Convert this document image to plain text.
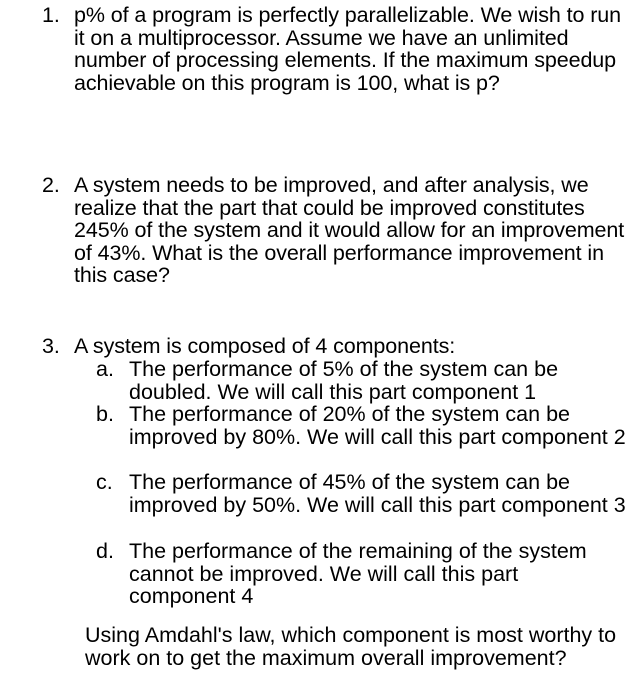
1. p% of a program is perfectly parallelizable. We wish to run it on a multiprocessor. Assume we have an unlimited number of processing elements. If the maximum speedup achievable on this program is 100, what is p?
2. A system needs to be improved, and after analysis, we realize that the part that could be improved constitutes 245% of the system and it would allow for an improvement of 43%. What is the overall performance improvement in this case?
3. A system is composed of 4 components:
a. The performance of 5% of the system can be doubled. We will call this part component 1
b. The performance of 20% of the system can be improved by 80%. We will call this part component 2
c. The performance of 45% of the system can be improved by 50%. We will call this part component 3
d. The performance of the remaining of the system cannot be improved. We will call this part component 4
Using Amdahl's law, which component is most worthy to work on to get the maximum overall improvement?
